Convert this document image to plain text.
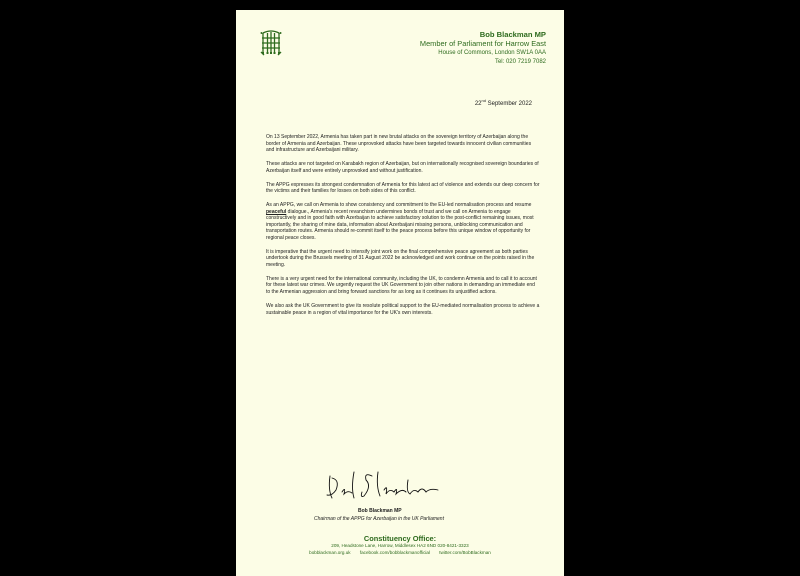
Bob Blackman MP
Member of Parliament for Harrow East
House of Commons, London SW1A 0AA
Tel: 020 7219 7082
22nd September 2022

On 13 September 2022, Armenia has taken part in new brutal attacks on the sovereign territory of Azerbaijan along the border of Armenia and Azerbaijan. These unprovoked attacks have been targeted towards innocent civilian communities and infrastructure and Azerbaijani military.

These attacks are not targeted on Karabakh region of Azerbaijan, but on internationally recognised sovereign boundaries of Azerbaijan itself and were entirely unprovoked and without justification.

The APPG expresses its strongest condemnation of Armenia for this latest act of violence and extends our deep concern for the victims and their families for losses on both sides of this conflict.

As an APPG, we call on Armenia to show consistency and commitment to the EU-led normalisation process and resume peaceful dialogue., Armenia's recent revanchism undermines bonds of trust and we call on Armenia to engage constructively and in good faith with Azerbaijan to achieve satisfactory solution to the post-conflict remaining issues, most importantly, the sharing of mine data, information about Azerbaijani missing persons, unblocking communication and transportation routes. Armenia should re-commit itself to the peace process before this unique window of opportunity for regional peace closes.

It is imperative that the urgent need to intensify joint work on the final comprehensive peace agreement as both parties undertook during the Brussels meeting of 31 August 2022 be acknowledged and work continue on the points raised in the meeting.

There is a very urgent need for the international community, including the UK, to condemn Armenia and to call it to account for these latest war crimes. We urgently request the UK Government to join other nations in demanding an immediate end to the Armenian aggression and bring forward sanctions for as long as it continues its unjustified actions.

We also ask the UK Government to give its resolute political support to the EU-mediated normalisation process to achieve a sustainable peace in a region of vital importance for the UK's own interests.

Bob Blackman MP
Chairman of the APPG for Azerbaijan in the UK Parliament
Constituency Office:
209, Headstone Lane, Harrow, Middlesex HA2 6ND 020-8421-3323
bobblackman.org.uk facebook.com/bobblackmanofficial twitter.com/BobBlackman
